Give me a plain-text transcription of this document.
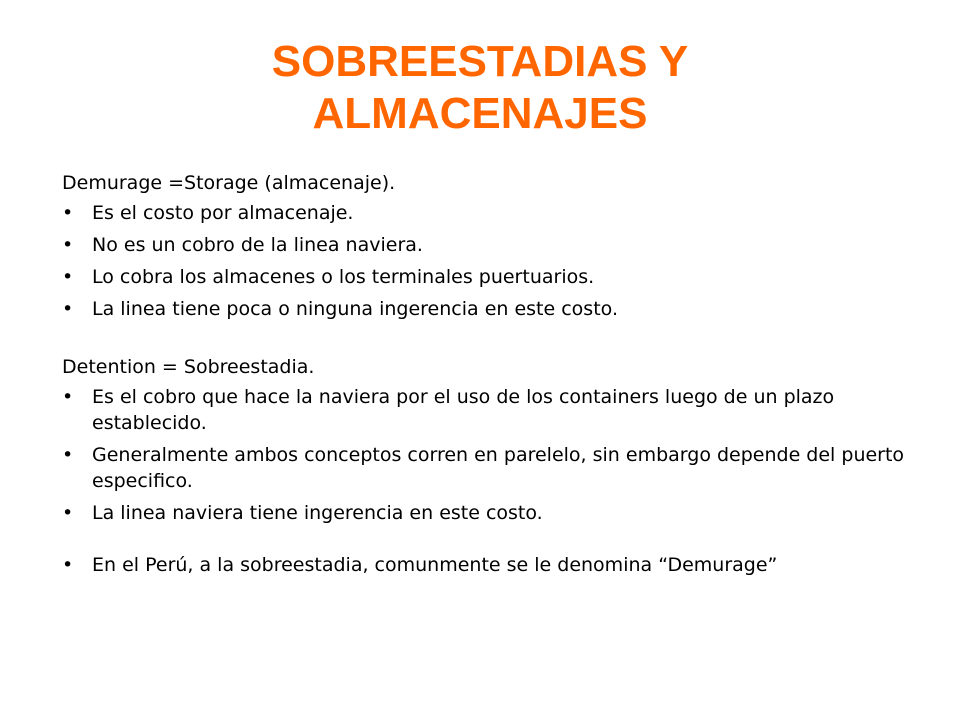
SOBREESTADIAS Y
ALMACENAJES

Demurage =Storage (almacenaje).

• Es el costo por almacenaje.
• No es un cobro de la linea naviera.
• Lo cobra los almacenes o los terminales puertuarios.
• La linea tiene poca o ninguna ingerencia en este costo.

Detention = Sobreestadia.

• Es el cobro que hace la naviera por el uso de los containers luego de un plazo establecido.
• Generalmente ambos conceptos corren en parelelo, sin embargo depende del puerto especifico.
• La linea naviera tiene ingerencia en este costo.
• En el Perú, a la sobreestadia, comunmente se le denomina “Demurage”
